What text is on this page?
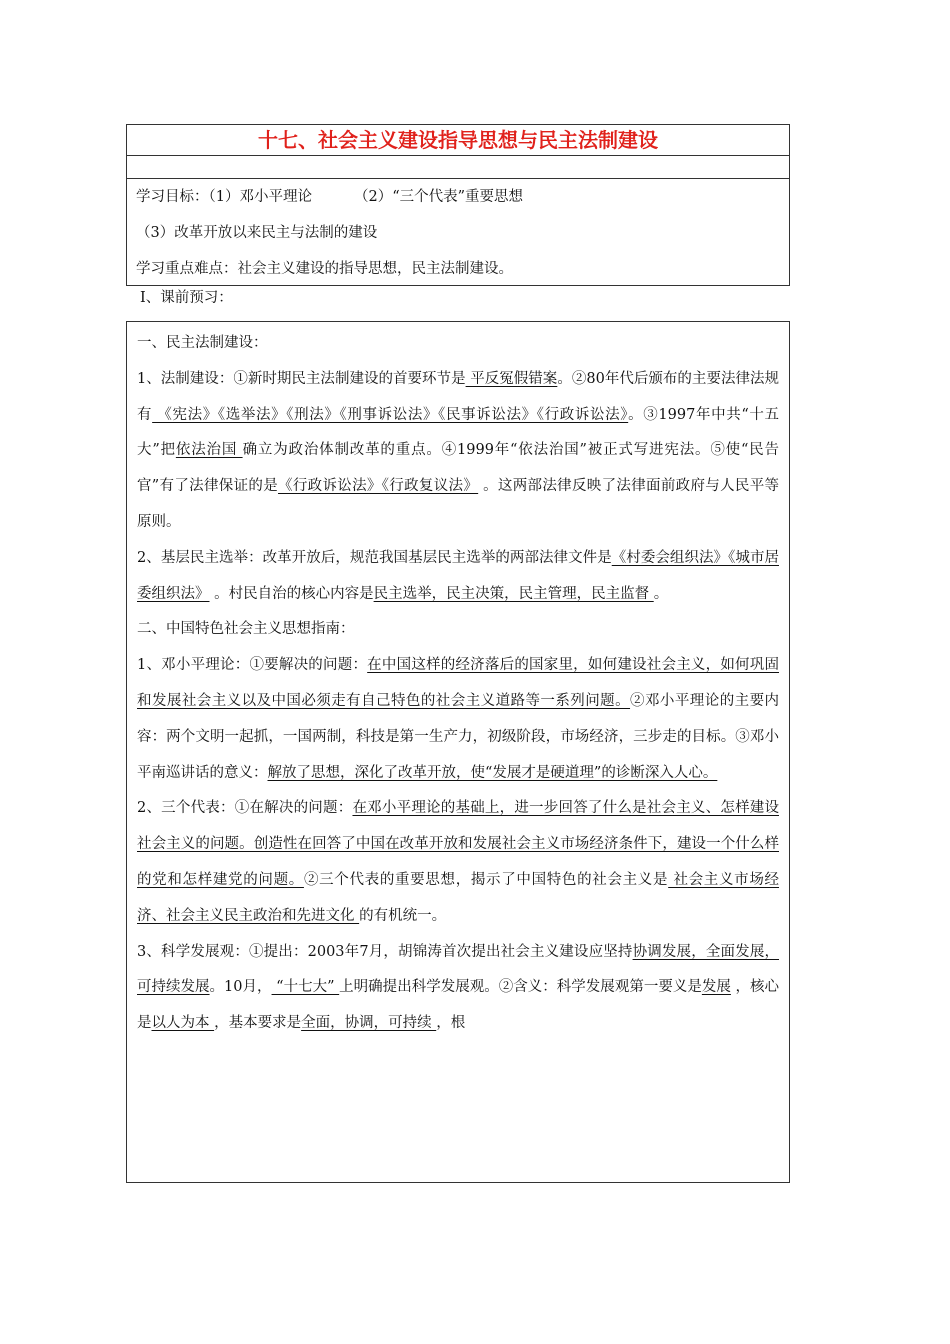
十七、社会主义建设指导思想与民主法制建设
学习目标：（1）邓小平理论	（2）“三个代表”重要思想
（3）改革开放以来民主与法制的建设
学习重点难点：社会主义建设的指导思想，民主法制建设。
Ⅰ、课前预习：

一、民主法制建设：

1、法制建设：①新时期民主法制建设的首要环节是 平反冤假错案。②80年代后颁布的主要法律法规有 《宪法》《选举法》《刑法》《刑事诉讼法》《民事诉讼法》《行政诉讼法》。③1997年中共“十五大”把依法治国 确立为政治体制改革的重点。④1999年“依法治国”被正式写进宪法。⑤使“民告官”有了法律保证的是《行政诉讼法》《行政复议法》 。这两部法律反映了法律面前政府与人民平等原则。

2、基层民主选举：改革开放后，规范我国基层民主选举的两部法律文件是《村委会组织法》《城市居委组织法》 。村民自治的核心内容是民主选举，民主决策，民主管理，民主监督 。

二、中国特色社会主义思想指南：

1、邓小平理论：①要解决的问题：在中国这样的经济落后的国家里，如何建设社会主义，如何巩固和发展社会主义以及中国必须走有自己特色的社会主义道路等一系列问题。②邓小平理论的主要内容：两个文明一起抓，一国两制，科技是第一生产力，初级阶段，市场经济，三步走的目标。③邓小平南巡讲话的意义：解放了思想，深化了改革开放，使“发展才是硬道理”的诊断深入人心。

2、三个代表：①在解决的问题：在邓小平理论的基础上，进一步回答了什么是社会主义、怎样建设社会主义的问题。创造性在回答了中国在改革开放和发展社会主义市场经济条件下，建设一个什么样的党和怎样建党的问题。②三个代表的重要思想，揭示了中国特色的社会主义是 社会主义市场经济、社会主义民主政治和先进文化 的有机统一。

3、科学发展观：①提出：2003年7月，胡锦涛首次提出社会主义建设应坚持协调发展，全面发展，可持续发展。10月， “十七大” 上明确提出科学发展观。②含义：科学发展观第一要义是发展 ，核心是以人为本 ，基本要求是全面，协调，可持续 ，根
